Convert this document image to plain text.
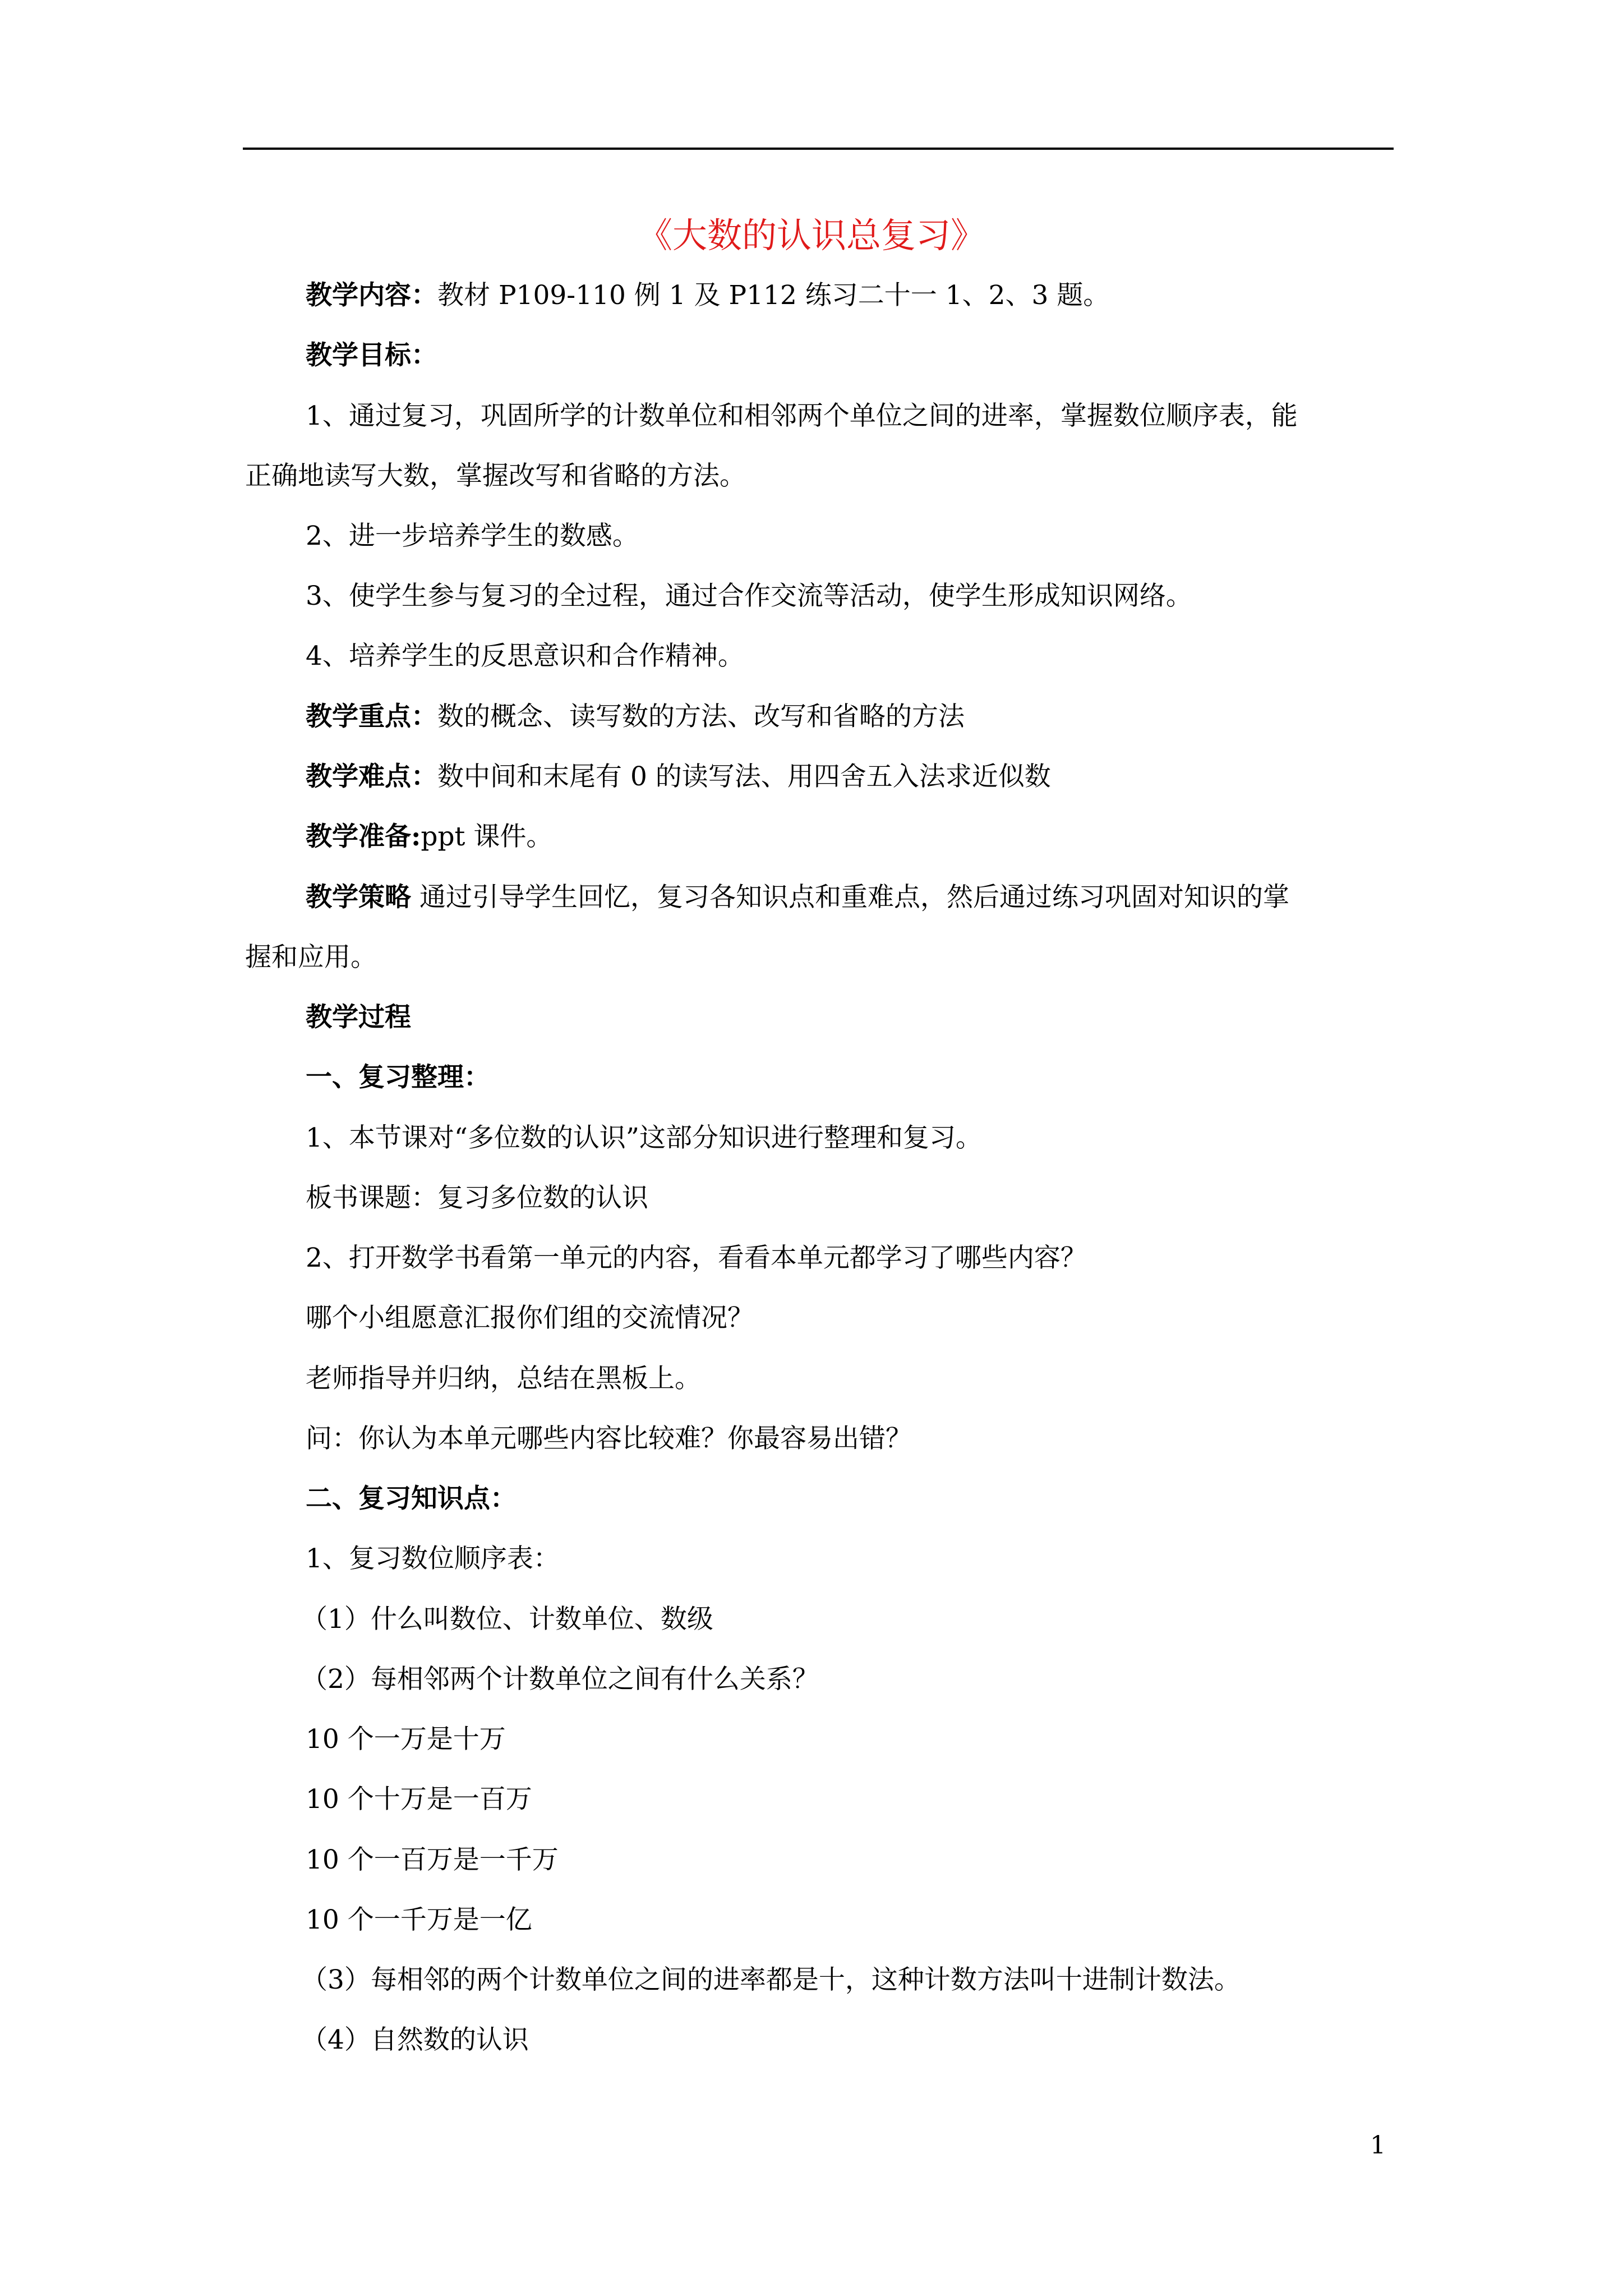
《大数的认识总复习》
教学内容：教材 P109-110 例 1 及 P112 练习二十一 1、2、3 题。
教学目标：
1、通过复习，巩固所学的计数单位和相邻两个单位之间的进率，掌握数位顺序表，能
正确地读写大数，掌握改写和省略的方法。
2、进一步培养学生的数感。
3、使学生参与复习的全过程，通过合作交流等活动，使学生形成知识网络。
4、培养学生的反思意识和合作精神。
教学重点：数的概念、读写数的方法、改写和省略的方法
教学难点：数中间和末尾有 0 的读写法、用四舍五入法求近似数
教学准备:ppt 课件。
教学策略 通过引导学生回忆，复习各知识点和重难点，然后通过练习巩固对知识的掌
握和应用。
教学过程
一、复习整理：
1、本节课对“多位数的认识”这部分知识进行整理和复习。
板书课题：复习多位数的认识
2、打开数学书看第一单元的内容，看看本单元都学习了哪些内容？
哪个小组愿意汇报你们组的交流情况？
老师指导并归纳，总结在黑板上。
问：你认为本单元哪些内容比较难？你最容易出错？
二、复习知识点：
1、复习数位顺序表：
（1）什么叫数位、计数单位、数级
（2）每相邻两个计数单位之间有什么关系？
10 个一万是十万
10 个十万是一百万
10 个一百万是一千万
10 个一千万是一亿
（3）每相邻的两个计数单位之间的进率都是十，这种计数方法叫十进制计数法。
（4）自然数的认识
1
